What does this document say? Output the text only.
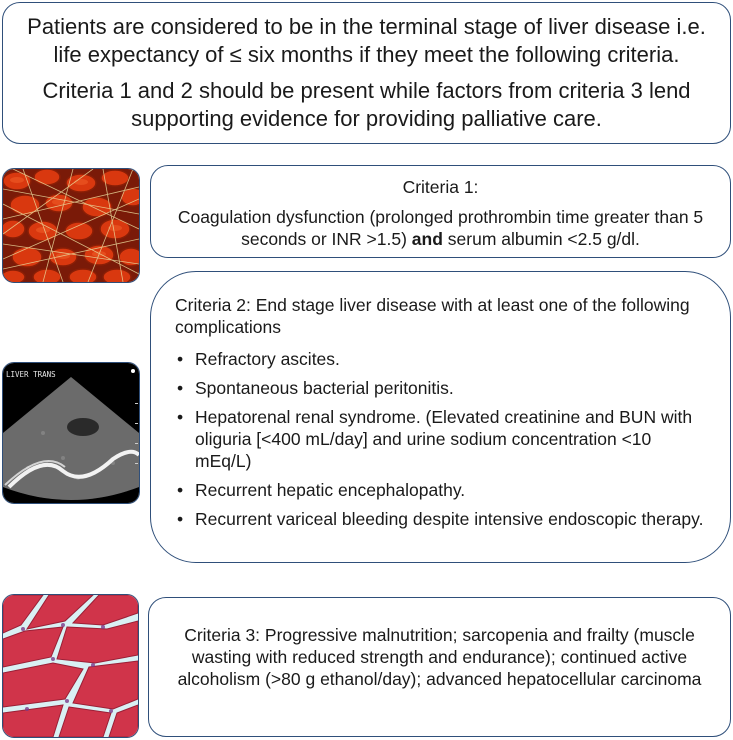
Patients are considered to be in the terminal stage of liver disease i.e. life expectancy of ≤ six months if they meet the following criteria.

Criteria 1 and 2 should be present while factors from criteria 3 lend supporting evidence for providing palliative care.

Criteria 1:
Coagulation dysfunction (prolonged prothrombin time greater than 5 seconds or INR >1.5) and serum albumin <2.5 g/dl.
LIVER TRANS
Criteria 2: End stage liver disease with at least one of the following complications
• Refractory ascites.
• Spontaneous bacterial peritonitis.
• Hepatorenal renal syndrome. (Elevated creatinine and BUN with oliguria [<400 mL/day] and urine sodium concentration <10 mEq/L)
• Recurrent hepatic encephalopathy.
• Recurrent variceal bleeding despite intensive endoscopic therapy.
Criteria 3: Progressive malnutrition; sarcopenia and frailty (muscle wasting with reduced strength and endurance); continued active alcoholism (>80 g ethanol/day); advanced hepatocellular carcinoma
